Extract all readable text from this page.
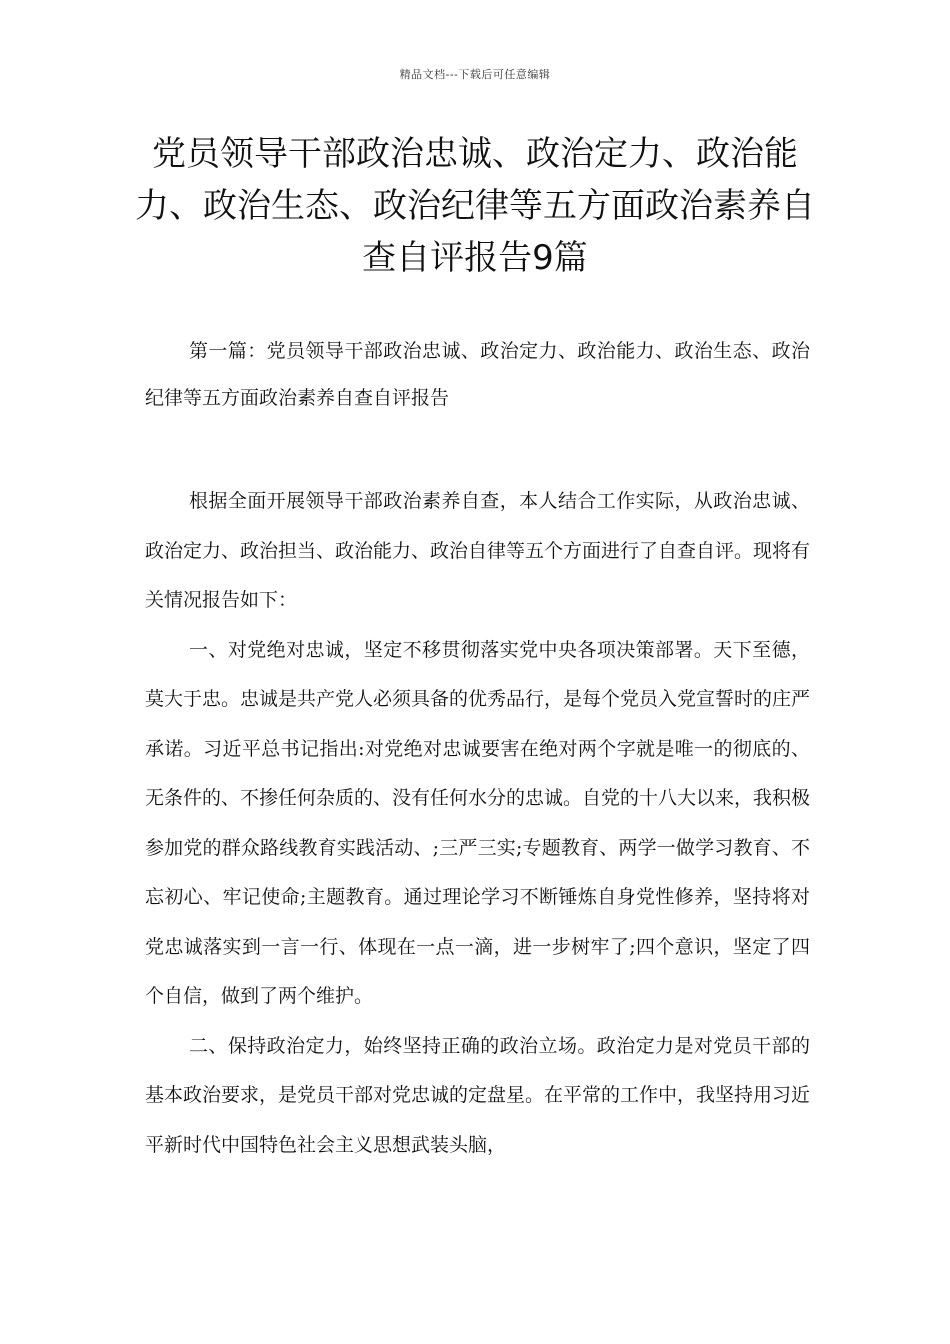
精品文档---下载后可任意编辑

党员领导干部政治忠诚、政治定力、政治能力、政治生态、政治纪律等五方面政治素养自查自评报告9篇

第一篇：党员领导干部政治忠诚、政治定力、政治能力、政治生态、政治纪律等五方面政治素养自查自评报告

根据全面开展领导干部政治素养自查，本人结合工作实际，从政治忠诚、政治定力、政治担当、政治能力、政治自律等五个方面进行了自查自评。现将有关情况报告如下：

一、对党绝对忠诚，坚定不移贯彻落实党中央各项决策部署。天下至德，莫大于忠。忠诚是共产党人必须具备的优秀品行，是每个党员入党宣誓时的庄严承诺。习近平总书记指出:对党绝对忠诚要害在绝对两个字就是唯一的彻底的、无条件的、不掺任何杂质的、没有任何水分的忠诚。自党的十八大以来，我积极参加党的群众路线教育实践活动、;三严三实;专题教育、两学一做学习教育、不忘初心、牢记使命;主题教育。通过理论学习不断锤炼自身党性修养，坚持将对党忠诚落实到一言一行、体现在一点一滴，进一步树牢了;四个意识，坚定了四个自信，做到了两个维护。

二、保持政治定力，始终坚持正确的政治立场。政治定力是对党员干部的基本政治要求，是党员干部对党忠诚的定盘星。在平常的工作中，我坚持用习近平新时代中国特色社会主义思想武装头脑，
